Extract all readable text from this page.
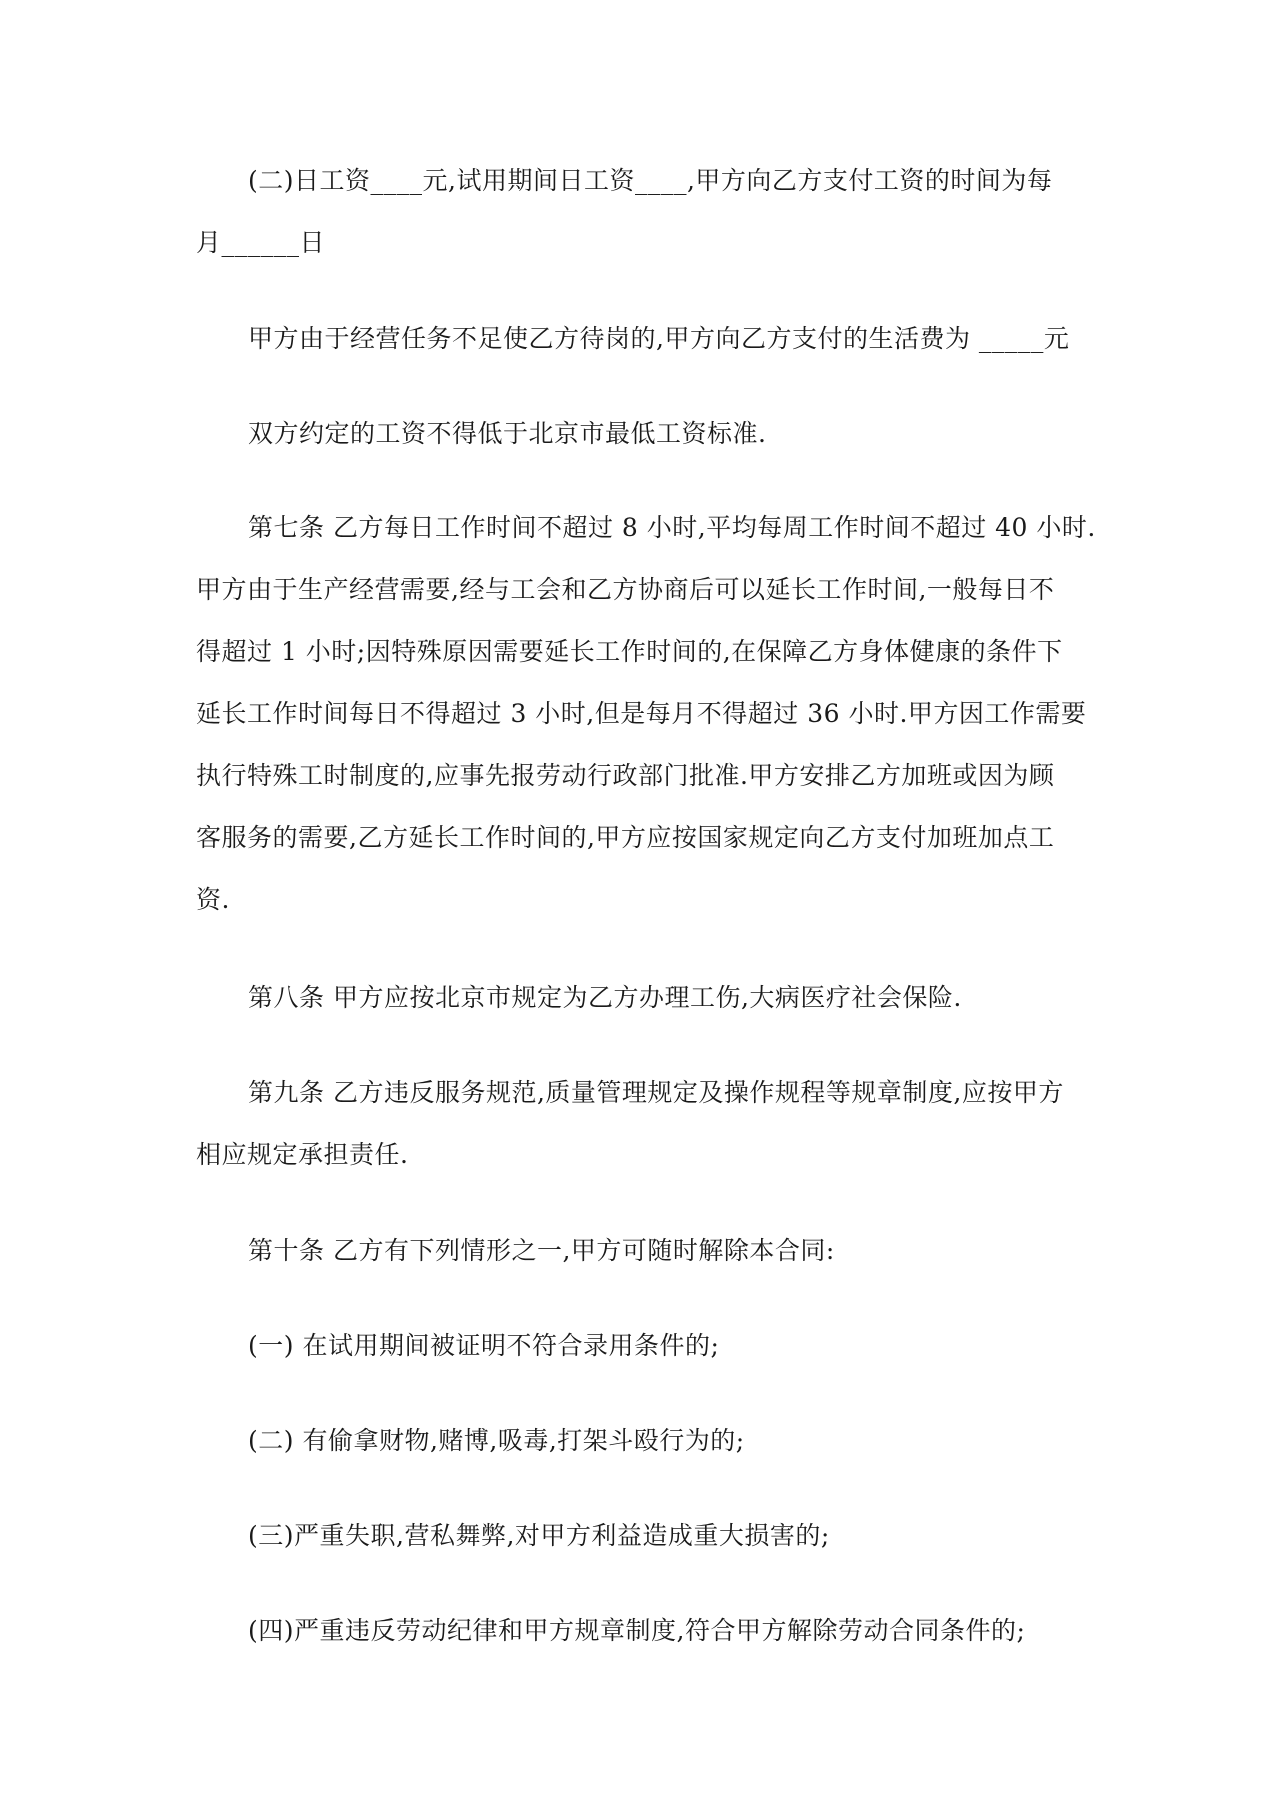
(二)日工资____元,试用期间日工资____,甲方向乙方支付工资的时间为每
月______日
甲方由于经营任务不足使乙方待岗的,甲方向乙方支付的生活费为 _____元
双方约定的工资不得低于北京市最低工资标准.
第七条 乙方每日工作时间不超过 8 小时,平均每周工作时间不超过 40 小时.
甲方由于生产经营需要,经与工会和乙方协商后可以延长工作时间,一般每日不
得超过 1 小时;因特殊原因需要延长工作时间的,在保障乙方身体健康的条件下
延长工作时间每日不得超过 3 小时,但是每月不得超过 36 小时.甲方因工作需要
执行特殊工时制度的,应事先报劳动行政部门批准.甲方安排乙方加班或因为顾
客服务的需要,乙方延长工作时间的,甲方应按国家规定向乙方支付加班加点工
资.
第八条 甲方应按北京市规定为乙方办理工伤,大病医疗社会保险.
第九条 乙方违反服务规范,质量管理规定及操作规程等规章制度,应按甲方
相应规定承担责任.
第十条 乙方有下列情形之一,甲方可随时解除本合同:
(一) 在试用期间被证明不符合录用条件的;
(二) 有偷拿财物,赌博,吸毒,打架斗殴行为的;
(三)严重失职,营私舞弊,对甲方利益造成重大损害的;
(四)严重违反劳动纪律和甲方规章制度,符合甲方解除劳动合同条件的;
